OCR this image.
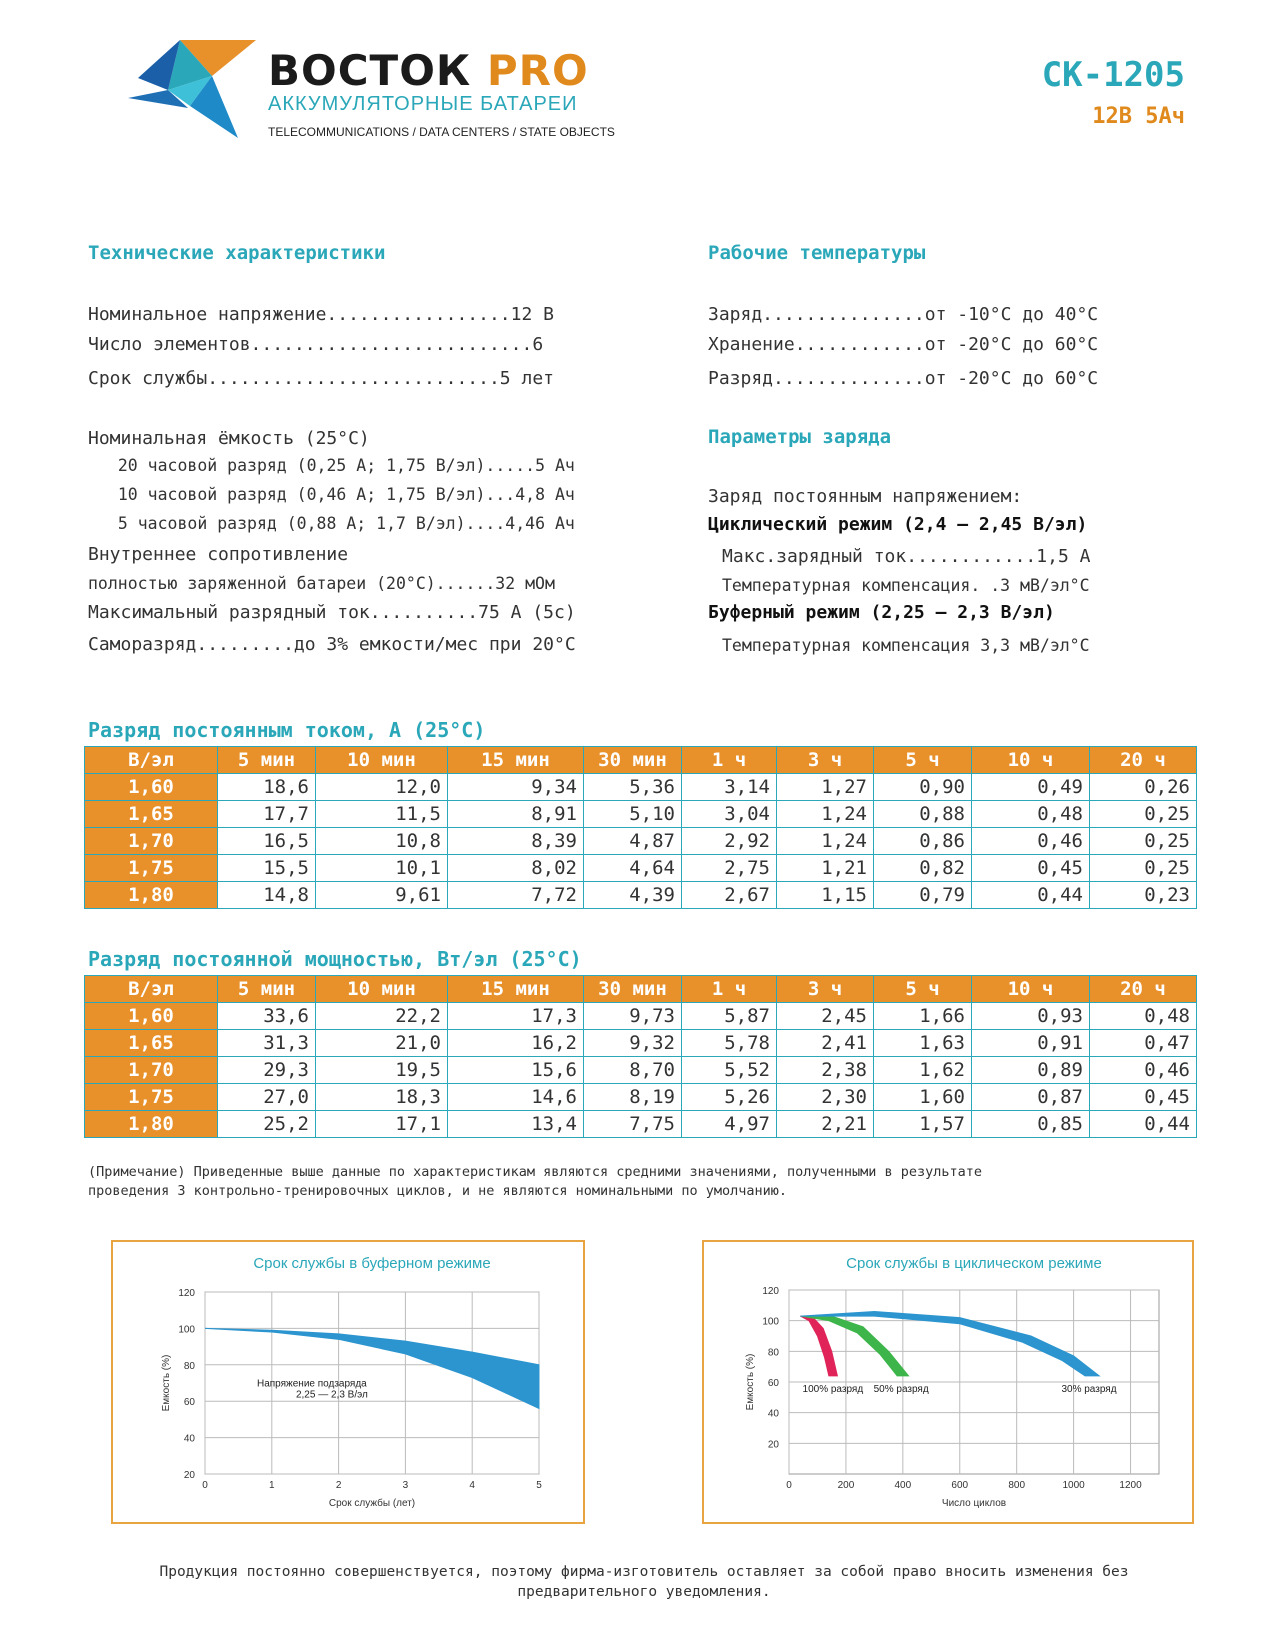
ВОСТОК PRO
АККУМУЛЯТОРНЫЕ БАТАРЕИ
TELECOMMUNICATIONS / DATA CENTERS / STATE OBJECTS
CK-1205
12В 5Ач
Технические характеристики
Номинальное напряжение.................12 В
Число элементов..........................6
Срок службы...........................5 лет
Номинальная ёмкость (25°С)
20 часовой разряд (0,25 А; 1,75 В/эл).....5 Ач
10 часовой разряд (0,46 А; 1,75 В/эл)...4,8 Ач
5 часовой разряд (0,88 А; 1,7 В/эл)....4,46 Ач
Внутреннее сопротивление
полностью заряженной батареи (20°С)......32 мОм
Максимальный разрядный ток..........75 А (5с)
Саморазряд.........до 3% емкости/мес при 20°С
Рабочие температуры
Заряд...............от -10°С до 40°С
Хранение............от -20°С до 60°С
Разряд..............от -20°С до 60°С
Параметры заряда
Заряд постоянным напряжением:
Циклический режим (2,4 – 2,45 В/эл)
Макс.зарядный ток............1,5 А
Температурная компенсация. .3 мВ/эл°С
Буферный режим (2,25 – 2,3 В/эл)
Температурная компенсация 3,3 мВ/эл°С
Разряд постоянным током, А (25°С)
В/эл	5 мин	10 мин	15 мин	30 мин	1 ч	3 ч	5 ч	10 ч	20 ч
1,60	18,6	12,0	9,34	5,36	3,14	1,27	0,90	0,49	0,26
1,65	17,7	11,5	8,91	5,10	3,04	1,24	0,88	0,48	0,25
1,70	16,5	10,8	8,39	4,87	2,92	1,24	0,86	0,46	0,25
1,75	15,5	10,1	8,02	4,64	2,75	1,21	0,82	0,45	0,25
1,80	14,8	9,61	7,72	4,39	2,67	1,15	0,79	0,44	0,23
Разряд постоянной мощностью, Вт/эл (25°С)
В/эл	5 мин	10 мин	15 мин	30 мин	1 ч	3 ч	5 ч	10 ч	20 ч
1,60	33,6	22,2	17,3	9,73	5,87	2,45	1,66	0,93	0,48
1,65	31,3	21,0	16,2	9,32	5,78	2,41	1,63	0,91	0,47
1,70	29,3	19,5	15,6	8,70	5,52	2,38	1,62	0,89	0,46
1,75	27,0	18,3	14,6	8,19	5,26	2,30	1,60	0,87	0,45
1,80	25,2	17,1	13,4	7,75	4,97	2,21	1,57	0,85	0,44
(Примечание) Приведенные выше данные по характеристикам являются средними значениями, полученными в результате
проведения 3 контрольно-тренировочных циклов, и не являются номинальными по умолчанию.
Срок службы в буферном режиме
0	1	2	3	4	5
20
40
60
80
100
120
Срок службы (лет)
Емкость (%)	Напряжение подзаряда
2,25 — 2,3 В/эл
Срок службы в циклическом режиме
0	200	400	600	800	1000	1200
20
40
60
80
100
120
Число циклов
Емкость (%)	100% разряд 50% разряд	30% разряд
Продукция постоянно совершенствуется, поэтому фирма-изготовитель оставляет за собой право вносить изменения без
предварительного уведомления.
